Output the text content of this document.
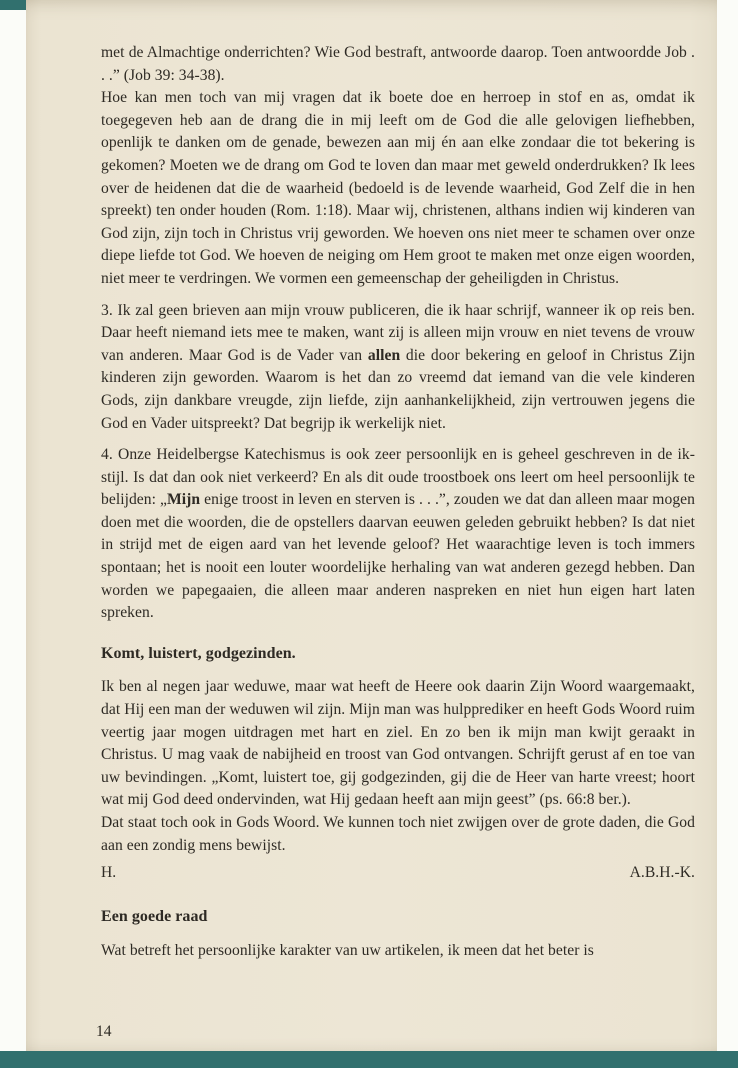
met de Almachtige onderrichten? Wie God bestraft, antwoorde daarop. Toen antwoordde Job . . .” (Job 39: 34-38).

Hoe kan men toch van mij vragen dat ik boete doe en herroep in stof en as, omdat ik toegegeven heb aan de drang die in mij leeft om de God die alle gelovigen liefhebben, openlijk te danken om de genade, bewezen aan mij én aan elke zondaar die tot bekering is gekomen? Moeten we de drang om God te loven dan maar met geweld onderdrukken? Ik lees over de heidenen dat die de waarheid (bedoeld is de levende waarheid, God Zelf die in hen spreekt) ten onder houden (Rom. 1:18). Maar wij, christenen, althans indien wij kinderen van God zijn, zijn toch in Christus vrij geworden. We hoeven ons niet meer te schamen over onze diepe liefde tot God. We hoeven de neiging om Hem groot te maken met onze eigen woorden, niet meer te verdringen. We vormen een gemeenschap der geheiligden in Christus.

3. Ik zal geen brieven aan mijn vrouw publiceren, die ik haar schrijf, wanneer ik op reis ben. Daar heeft niemand iets mee te maken, want zij is alleen mijn vrouw en niet tevens de vrouw van anderen. Maar God is de Vader van allen die door bekering en geloof in Christus Zijn kinderen zijn geworden. Waarom is het dan zo vreemd dat iemand van die vele kinderen Gods, zijn dankbare vreugde, zijn liefde, zijn aanhankelijkheid, zijn vertrouwen jegens die God en Vader uitspreekt? Dat begrijp ik werkelijk niet.

4. Onze Heidelbergse Katechismus is ook zeer persoonlijk en is geheel geschreven in de ik-stijl. Is dat dan ook niet verkeerd? En als dit oude troostboek ons leert om heel persoonlijk te belijden: „Mijn enige troost in leven en sterven is . . .”, zouden we dat dan alleen maar mogen doen met die woorden, die de opstellers daarvan eeuwen geleden gebruikt hebben? Is dat niet in strijd met de eigen aard van het levende geloof? Het waarachtige leven is toch immers spontaan; het is nooit een louter woordelijke herhaling van wat anderen gezegd hebben. Dan worden we papegaaien, die alleen maar anderen naspreken en niet hun eigen hart laten spreken.

Komt, luistert, godgezinden.

Ik ben al negen jaar weduwe, maar wat heeft de Heere ook daarin Zijn Woord waargemaakt, dat Hij een man der weduwen wil zijn. Mijn man was hulpprediker en heeft Gods Woord ruim veertig jaar mogen uitdragen met hart en ziel. En zo ben ik mijn man kwijt geraakt in Christus. U mag vaak de nabijheid en troost van God ontvangen. Schrijft gerust af en toe van uw bevindingen. „Komt, luistert toe, gij godgezinden, gij die de Heer van harte vreest; hoort wat mij God deed ondervinden, wat Hij gedaan heeft aan mijn geest” (ps. 66:8 ber.).

Dat staat toch ook in Gods Woord. We kunnen toch niet zwijgen over de grote daden, die God aan een zondig mens bewijst.

H.	A.B.H.-K.

Een goede raad

Wat betreft het persoonlijke karakter van uw artikelen, ik meen dat het beter is

14
